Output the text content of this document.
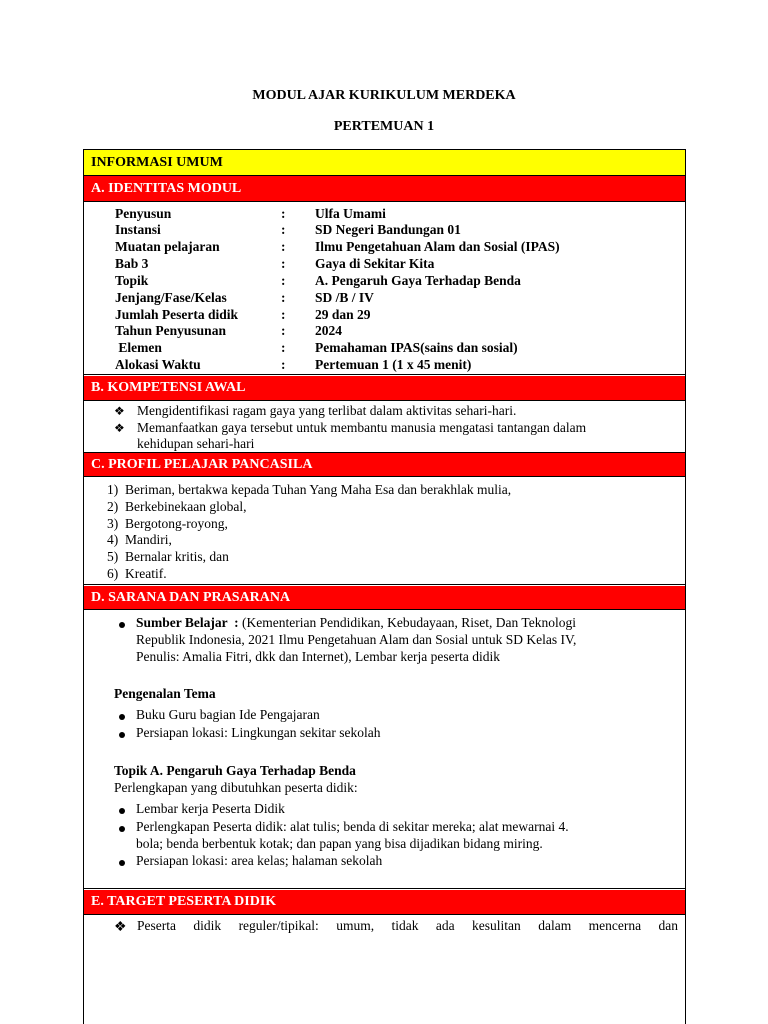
MODUL AJAR KURIKULUM MERDEKA
PERTEMUAN 1
INFORMASI UMUM
A. IDENTITAS MODUL
Penyusun	: Ulfa Umami
Instansi	: SD Negeri Bandungan 01
Muatan pelajaran	: Ilmu Pengetahuan Alam dan Sosial (IPAS)
Bab 3	: Gaya di Sekitar Kita
Topik	: A. Pengaruh Gaya Terhadap Benda
Jenjang/Fase/Kelas	: SD /B / IV
Jumlah Peserta didik	: 29 dan 29
Tahun Penyusunan	: 2024
Elemen	: Pemahaman IPAS(sains dan sosial)
Alokasi Waktu	: Pertemuan 1 (1 x 45 menit)
B. KOMPETENSI AWAL
❖ Mengidentifikasi ragam gaya yang terlibat dalam aktivitas sehari-hari.
❖ Memanfaatkan gaya tersebut untuk membantu manusia mengatasi tantangan dalam
kehidupan sehari-hari
C. PROFIL PELAJAR PANCASILA
1)  Beriman, bertakwa kepada Tuhan Yang Maha Esa dan berakhlak mulia,
2)  Berkebinekaan global,
3)  Bergotong-royong,
4)  Mandiri,
5)  Bernalar kritis, dan
6)  Kreatif.
D. SARANA DAN PRASARANA
Sumber Belajar  : (Kementerian Pendidikan, Kebudayaan, Riset, Dan Teknologi
Republik Indonesia, 2021 Ilmu Pengetahuan Alam dan Sosial untuk SD Kelas IV,
Penulis: Amalia Fitri, dkk dan Internet), Lembar kerja peserta didik
Pengenalan Tema
Buku Guru bagian Ide Pengajaran
Persiapan lokasi: Lingkungan sekitar sekolah
Topik A. Pengaruh Gaya Terhadap Benda
Perlengkapan yang dibutuhkan peserta didik:
Lembar kerja Peserta Didik
Perlengkapan Peserta didik: alat tulis; benda di sekitar mereka; alat mewarnai 4.
bola; benda berbentuk kotak; dan papan yang bisa dijadikan bidang miring.
Persiapan lokasi: area kelas; halaman sekolah
E. TARGET PESERTA DIDIK
❖ Peserta didik reguler/tipikal: umum, tidak ada kesulitan dalam mencerna dan
